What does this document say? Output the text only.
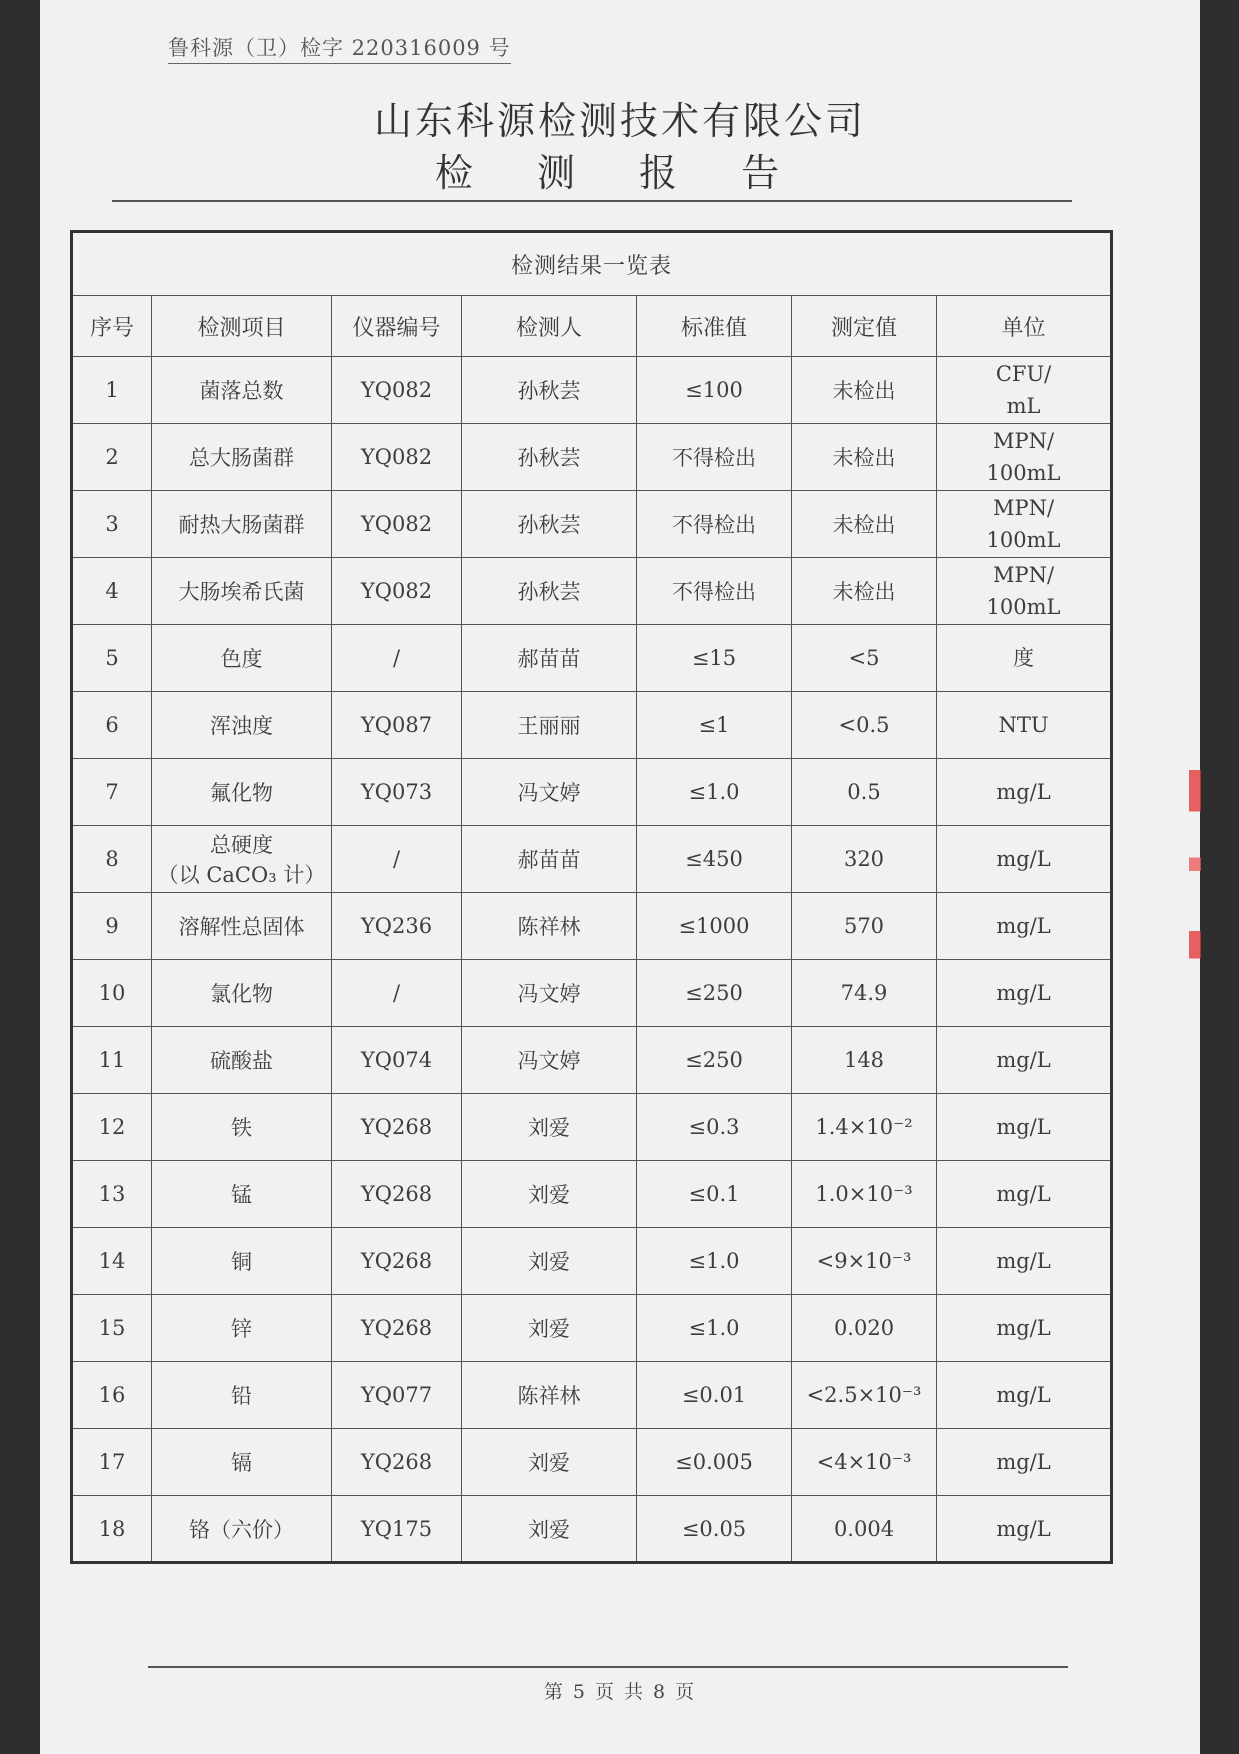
鲁科源（卫）检字 220316009 号
山东科源检测技术有限公司
检 测 报 告
检测结果一览表						
序号	检测项目	仪器编号	检测人	标准值	测定值	单位
1	菌落总数	YQ082	孙秋芸	≤100	未检出	CFU/
mL
2	总大肠菌群	YQ082	孙秋芸	不得检出	未检出	MPN/
100mL
3	耐热大肠菌群	YQ082	孙秋芸	不得检出	未检出	MPN/
100mL
4	大肠埃希氏菌	YQ082	孙秋芸	不得检出	未检出	MPN/
100mL
5	色度	/	郝苗苗	≤15	<5	度
6	浑浊度	YQ087	王丽丽	≤1	<0.5	NTU
7	氟化物	YQ073	冯文婷	≤1.0	0.5	mg/L
8	总硬度
（以 CaCO₃ 计）	/	郝苗苗	≤450	320	mg/L
9	溶解性总固体	YQ236	陈祥林	≤1000	570	mg/L
10	氯化物	/	冯文婷	≤250	74.9	mg/L
11	硫酸盐	YQ074	冯文婷	≤250	148	mg/L
12	铁	YQ268	刘爱	≤0.3	1.4×10⁻²	mg/L
13	锰	YQ268	刘爱	≤0.1	1.0×10⁻³	mg/L
14	铜	YQ268	刘爱	≤1.0	<9×10⁻³	mg/L
15	锌	YQ268	刘爱	≤1.0	0.020	mg/L
16	铅	YQ077	陈祥林	≤0.01	<2.5×10⁻³	mg/L
17	镉	YQ268	刘爱	≤0.005	<4×10⁻³	mg/L
18	铬（六价）	YQ175	刘爱	≤0.05	0.004	mg/L
第 5 页 共 8 页
